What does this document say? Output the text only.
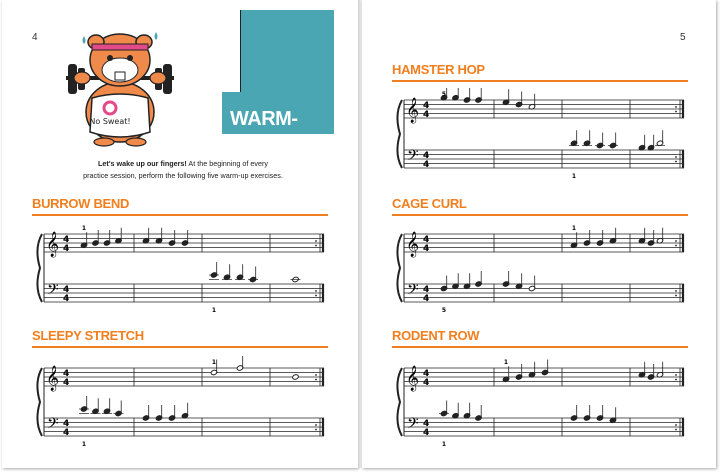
4
No Sweat!	WARM-UPS
Let's wake up our fingers! At the beginning of every
practice session, perform the following five warm-up exercises.
BURROW BEND
𝄞 4
4
𝄢 4
4
1
1
SLEEPY STRETCH
𝄞 4
4
𝄢 4
4
1
1
5
HAMSTER HOP
𝄞 4
4
𝄢 4
4
5
1
CAGE CURL
𝄞 4
4
𝄢 4
4
1
5
RODENT ROW
𝄞 4
4
𝄢 4
4
1
1
